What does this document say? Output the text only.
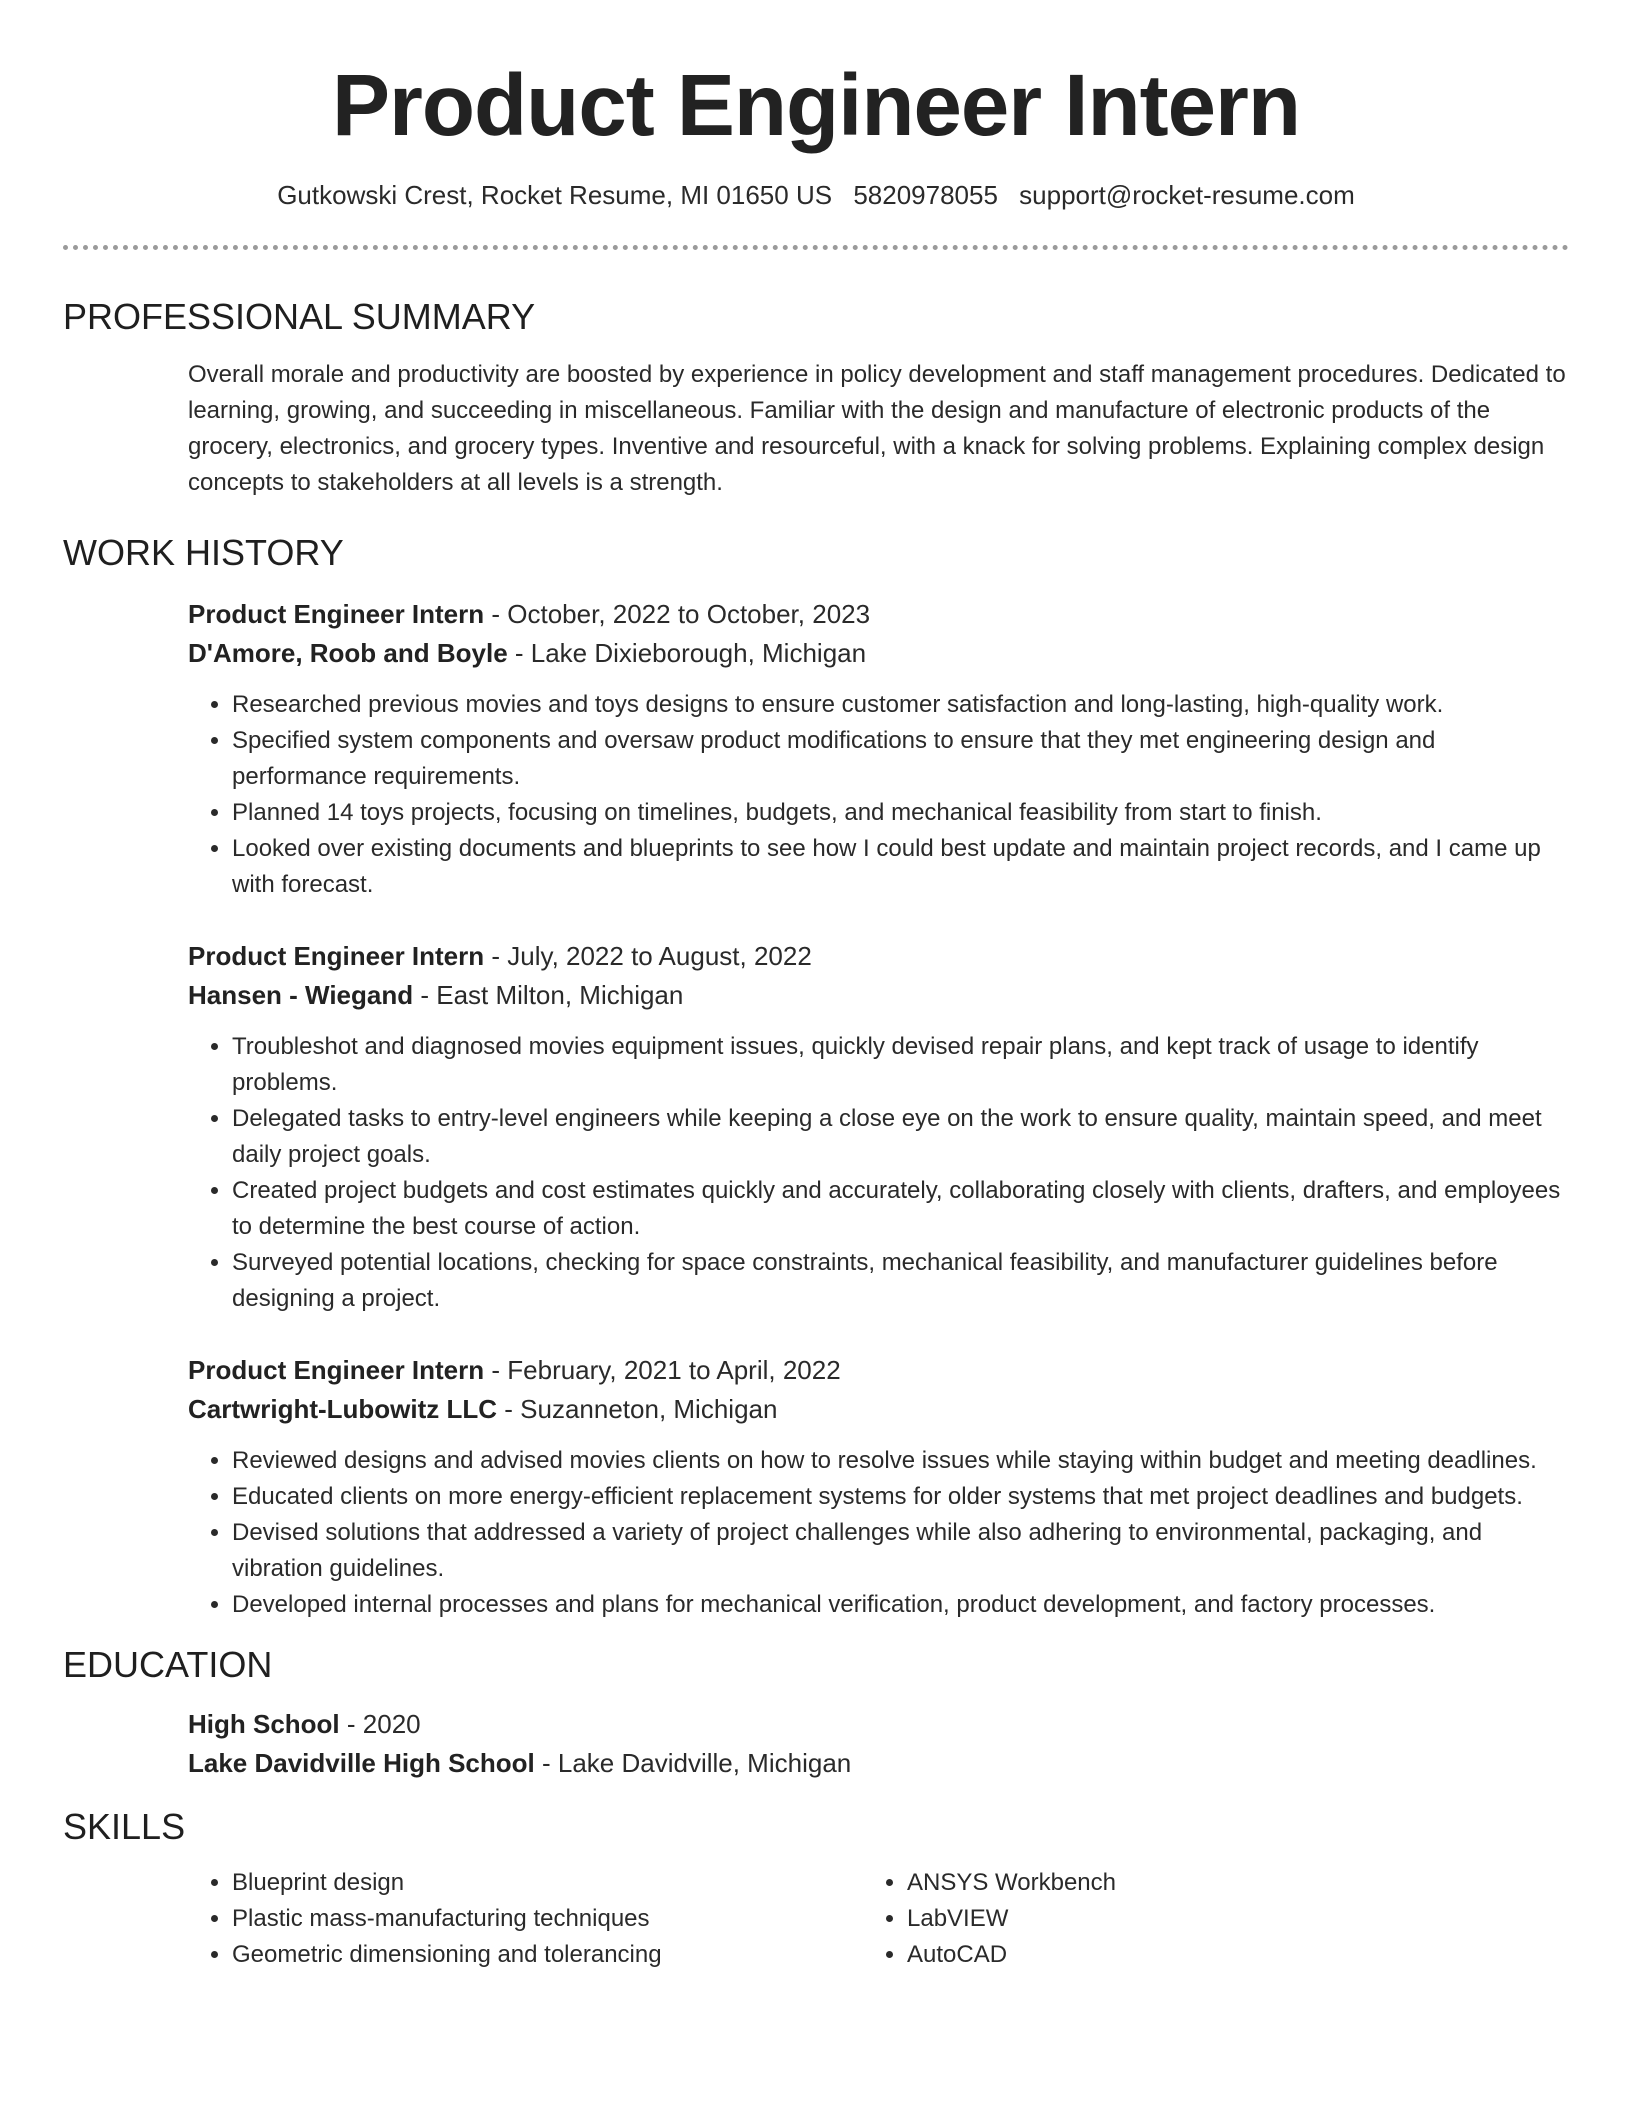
Product Engineer Intern
Gutkowski Crest, Rocket Resume, MI 01650 US 5820978055 support@rocket-resume.com
PROFESSIONAL SUMMARY
Overall morale and productivity are boosted by experience in policy development and staff management procedures. Dedicated to learning, growing, and succeeding in miscellaneous. Familiar with the design and manufacture of electronic products of the grocery, electronics, and grocery types. Inventive and resourceful, with a knack for solving problems. Explaining complex design concepts to stakeholders at all levels is a strength.
WORK HISTORY
Product Engineer Intern - October, 2022 to October, 2023
D'Amore, Roob and Boyle - Lake Dixieborough, Michigan
• Researched previous movies and toys designs to ensure customer satisfaction and long-lasting, high-quality work.
• Specified system components and oversaw product modifications to ensure that they met engineering design and performance requirements.
• Planned 14 toys projects, focusing on timelines, budgets, and mechanical feasibility from start to finish.
• Looked over existing documents and blueprints to see how I could best update and maintain project records, and I came up with forecast.
Product Engineer Intern - July, 2022 to August, 2022
Hansen - Wiegand - East Milton, Michigan
• Troubleshot and diagnosed movies equipment issues, quickly devised repair plans, and kept track of usage to identify problems.
• Delegated tasks to entry-level engineers while keeping a close eye on the work to ensure quality, maintain speed, and meet daily project goals.
• Created project budgets and cost estimates quickly and accurately, collaborating closely with clients, drafters, and employees to determine the best course of action.
• Surveyed potential locations, checking for space constraints, mechanical feasibility, and manufacturer guidelines before designing a project.
Product Engineer Intern - February, 2021 to April, 2022
Cartwright-Lubowitz LLC - Suzanneton, Michigan
• Reviewed designs and advised movies clients on how to resolve issues while staying within budget and meeting deadlines.
• Educated clients on more energy-efficient replacement systems for older systems that met project deadlines and budgets.
• Devised solutions that addressed a variety of project challenges while also adhering to environmental, packaging, and vibration guidelines.
• Developed internal processes and plans for mechanical verification, product development, and factory processes.
EDUCATION
High School - 2020
Lake Davidville High School - Lake Davidville, Michigan
SKILLS
• Blueprint design
• Plastic mass-manufacturing techniques
• Geometric dimensioning and tolerancing
• ANSYS Workbench
• LabVIEW
• AutoCAD
